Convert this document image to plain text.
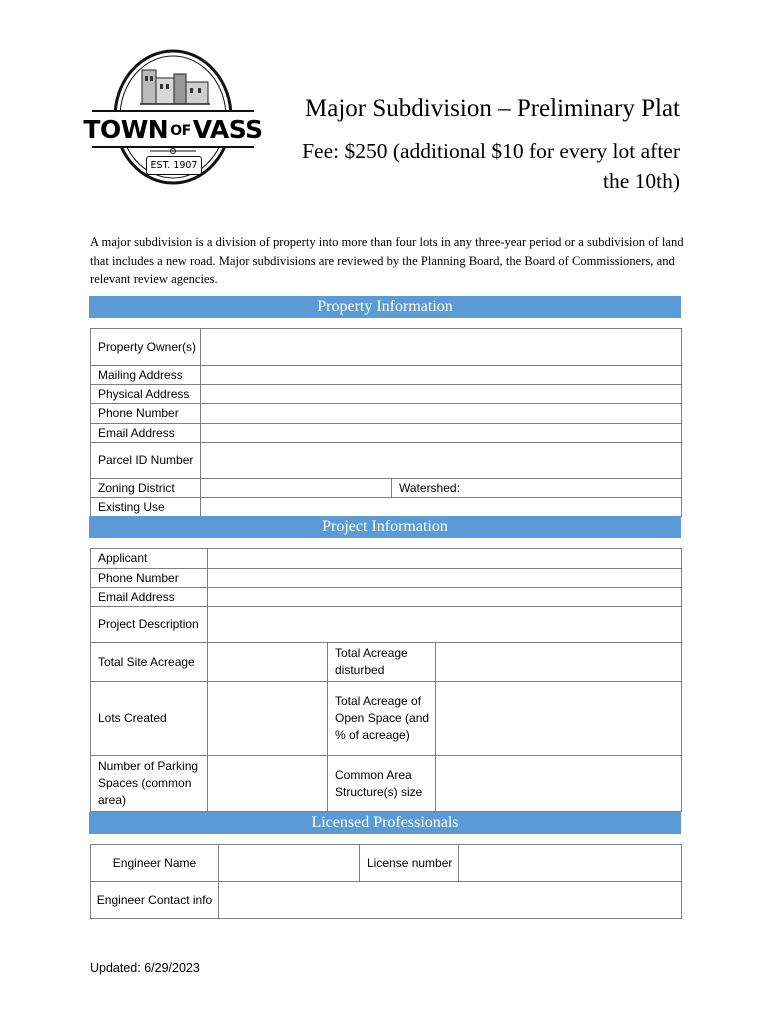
TOWN OF VASS
EST. 1907
Major Subdivision – Preliminary Plat
Fee: $250 (additional $10 for every lot after
the 10th)

A major subdivision is a division of property into more than four lots in any three-year period or a subdivision of land that includes a new road. Major subdivisions are reviewed by the Planning Board, the Board of Commissioners, and relevant review agencies.

Property Information
Property Owner(s)		
Mailing Address		
Physical Address		
Phone Number		
Email Address		
Parcel ID Number		
Zoning District		Watershed:
Existing Use		
Project Information
Applicant			
Phone Number			
Email Address			
Project Description			
Total Site Acreage		Total Acreage disturbed	
Lots Created		Total Acreage of Open Space (and % of acreage)	
Number of Parking Spaces (common area)		Common Area Structure(s) size	
Licensed Professionals
Engineer Name		License number	
Engineer Contact info			
Updated: 6/29/2023
